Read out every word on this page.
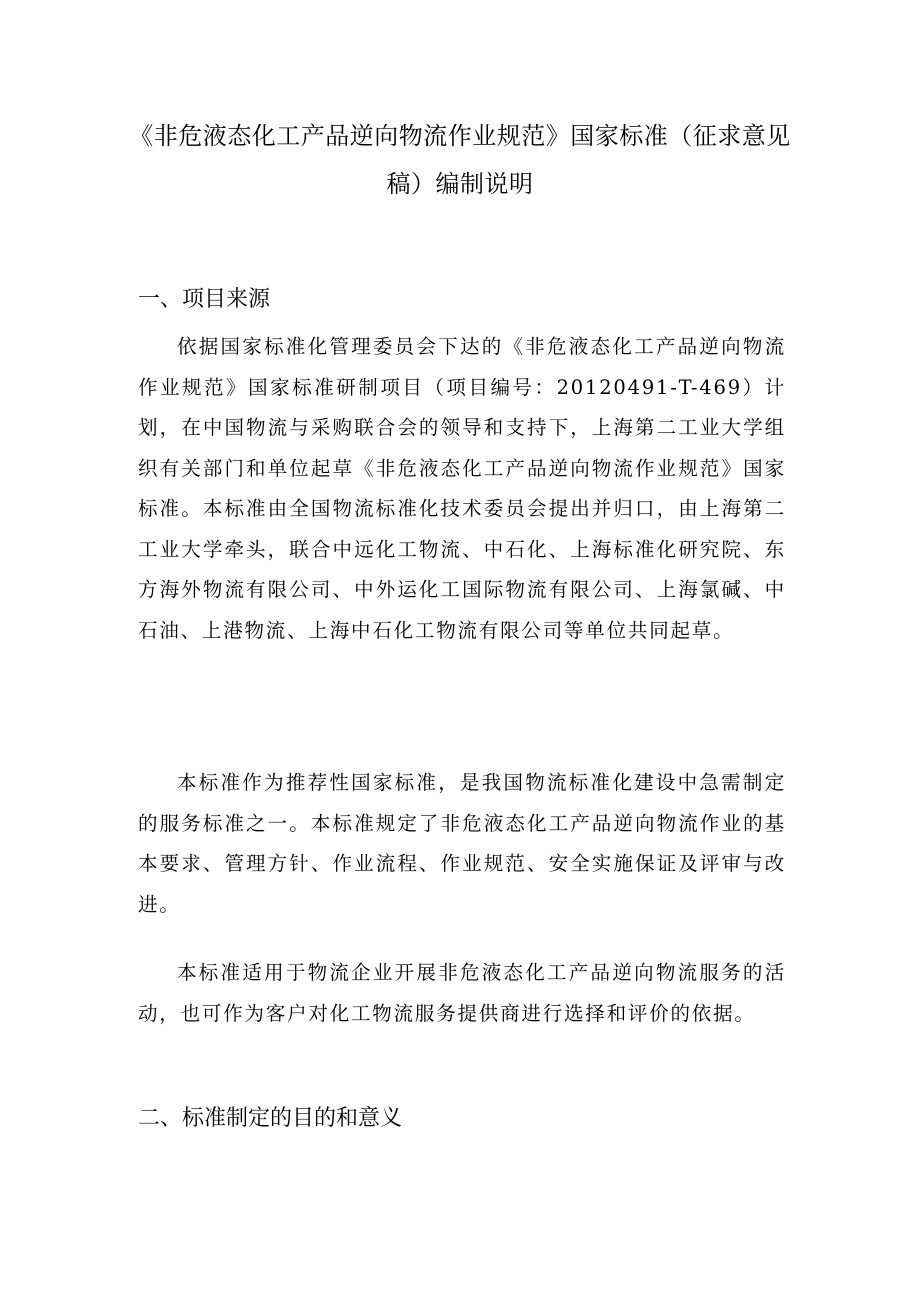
《非危液态化工产品逆向物流作业规范》国家标准（征求意见稿）编制说明
一、项目来源

依据国家标准化管理委员会下达的《非危液态化工产品逆向物流作业规范》国家标准研制项目（项目编号：20120491-T-469）计划，在中国物流与采购联合会的领导和支持下，上海第二工业大学组织有关部门和单位起草《非危液态化工产品逆向物流作业规范》国家标准。本标准由全国物流标准化技术委员会提出并归口，由上海第二工业大学牵头，联合中远化工物流、中石化、上海标准化研究院、东方海外物流有限公司、中外运化工国际物流有限公司、上海氯碱、中石油、上港物流、上海中石化工物流有限公司等单位共同起草。

本标准作为推荐性国家标准，是我国物流标准化建设中急需制定的服务标准之一。本标准规定了非危液态化工产品逆向物流作业的基本要求、管理方针、作业流程、作业规范、安全实施保证及评审与改进。

本标准适用于物流企业开展非危液态化工产品逆向物流服务的活动，也可作为客户对化工物流服务提供商进行选择和评价的依据。

二、标准制定的目的和意义
